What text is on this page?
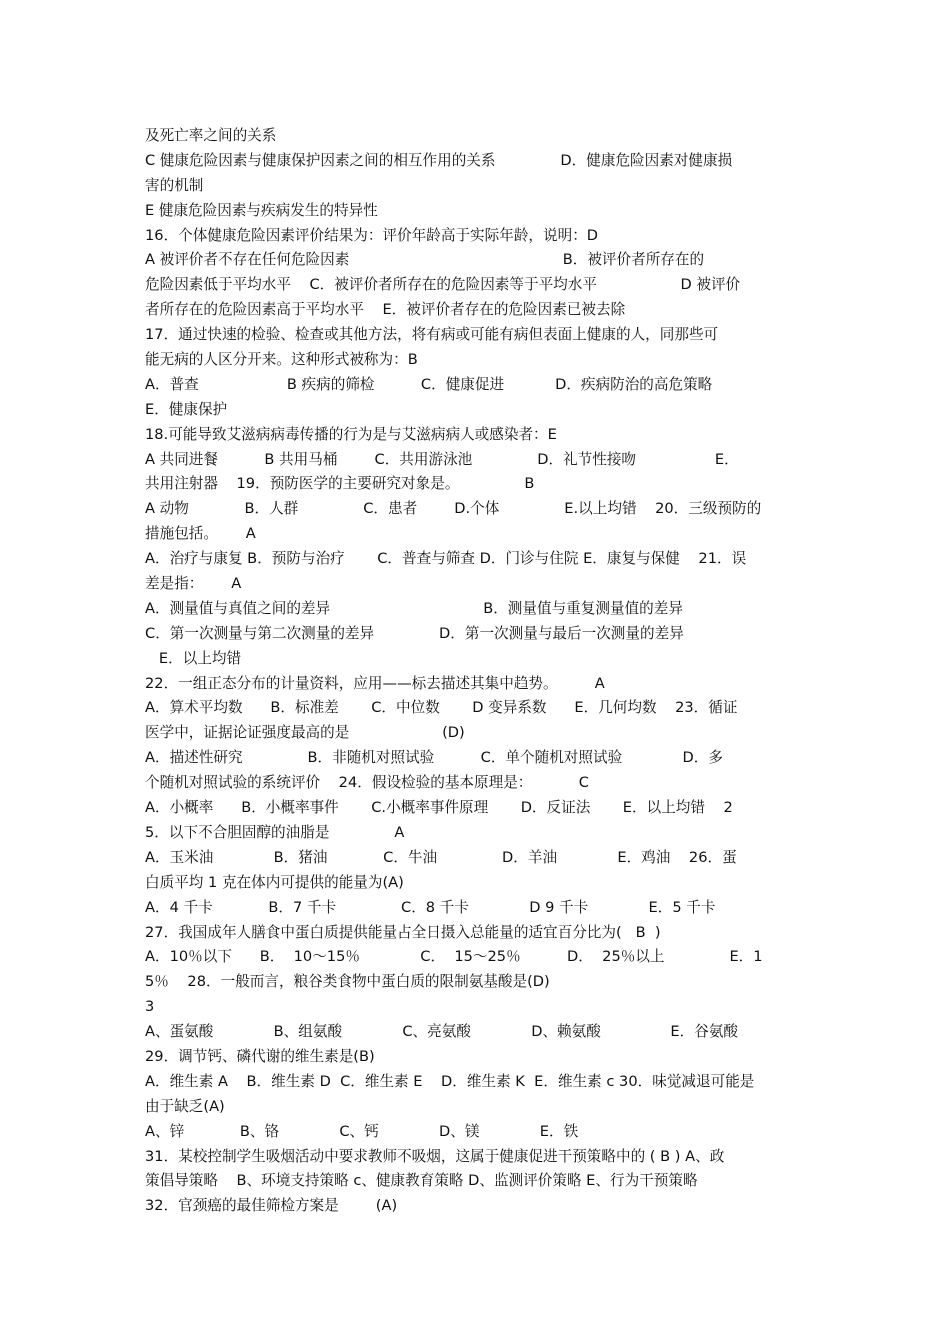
及死亡率之间的关系
C 健康危险因素与健康保护因素之间的相互作用的关系              D．健康危险因素对健康损
害的机制
E 健康危险因素与疾病发生的特异性
16．个体健康危险因素评价结果为：评价年龄高于实际年龄，说明：D
A 被评价者不存在任何危险因素                                              B．被评价者所存在的
危险因素低于平均水平    C．被评价者所存在的危险因素等于平均水平                  D 被评价
者所存在的危险因素高于平均水平    E．被评价者存在的危险因素已被去除
17．通过快速的检验、检查或其他方法，将有病或可能有病但表面上健康的人，同那些可
能无病的人区分开来。这种形式被称为：B
A．普查                   B 疾病的筛检          C．健康促进           D．疾病防治的高危策略
E．健康保护
18.可能导致艾滋病病毒传播的行为是与艾滋病病人或感染者：E
A 共同进餐          B 共用马桶        C．共用游泳池              D．礼节性接吻                 E．
共用注射器    19．预防医学的主要研究对象是。              B
A 动物            B．人群              C．患者        D.个体              E.以上均错    20．三级预防的
措施包括。      A
A．治疗与康复 B．预防与治疗       C．普查与筛查 D．门诊与住院 E．康复与保健    21．误
差是指：      A
A．测量值与真值之间的差异                                 B．测量值与重复测量值的差异
C．第一次测量与第二次测量的差异              D．第一次测量与最后一次测量的差异
E．以上均错
22．一组正态分布的计量资料，应用——标去描述其集中趋势。        A
A．算术平均数      B．标准差       C．中位数       D 变异系数      E．几何均数    23．循证
医学中，证据论证强度最高的是                    (D)
A．描述性研究              B．非随机对照试验          C．单个随机对照试验             D．多
个随机对照试验的系统评价    24．假设检验的基本原理是：          C
A．小概率      B．小概率事件       C.小概率事件原理       D．反证法       E．以上均错    2
5．以下不合胆固醇的油脂是              A
A．玉米油             B．猪油            C．牛油              D．羊油             E．鸡油    26．蛋
白质平均 1 克在体内可提供的能量为(A)
A．4 千卡            B．7 千卡              C．8 千卡             D 9 千卡             E．5 千卡
27．我国成年人膳食中蛋白质提供能量占全日摄入总能量的适宜百分比为(   B  )
A．10％以下      B．  10～15％             C．  15～25％          D．  25％以上              E．1
5％    28．一般而言，粮谷类食物中蛋白质的限制氨基酸是(D)
3
A、蛋氨酸             B、组氨酸             C、亮氨酸             D、赖氨酸               E．谷氨酸
29．调节钙、磷代谢的维生素是(B)
A．维生素 A    B．维生素 D  C．维生素 E    D．维生素 K  E．维生素 c 30．味觉减退可能是
由于缺乏(A)
A、锌            B、铬             C、钙             D、镁             E．铁
31．某校控制学生吸烟活动中要求教师不吸烟，这属于健康促进干预策略中的 ( B ) A、政
策倡导策略    B、环境支持策略 c、健康教育策略 D、监测评价策略 E、行为干预策略
32．官颈癌的最佳筛检方案是        (A)
